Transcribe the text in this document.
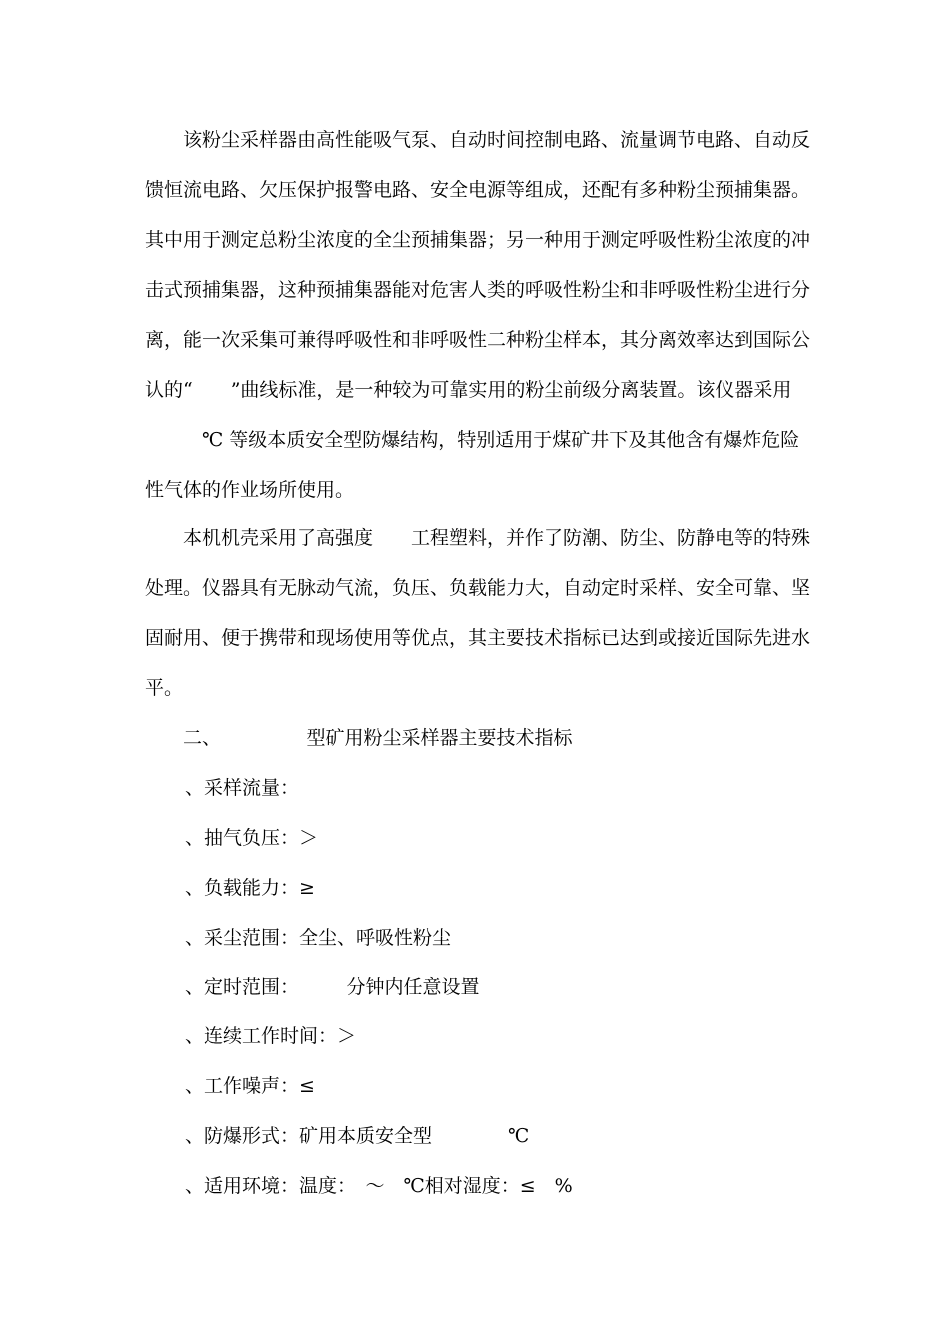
该粉尘采样器由高性能吸气泵、自动时间控制电路、流量调节电路、自动反
馈恒流电路、欠压保护报警电路、安全电源等组成，还配有多种粉尘预捕集器。
其中用于测定总粉尘浓度的全尘预捕集器；另一种用于测定呼吸性粉尘浓度的冲
击式预捕集器，这种预捕集器能对危害人类的呼吸性粉尘和非呼吸性粉尘进行分
离，能一次采集可兼得呼吸性和非呼吸性二种粉尘样本，其分离效率达到国际公
认的“　　”曲线标准，是一种较为可靠实用的粉尘前级分离装置。该仪器采用
　　　℃ 等级本质安全型防爆结构，特别适用于煤矿井下及其他含有爆炸危险
性气体的作业场所使用。
本机机壳采用了高强度　　工程塑料，并作了防潮、防尘、防静电等的特殊
处理。仪器具有无脉动气流，负压、负载能力大，自动定时采样、安全可靠、坚
固耐用、便于携带和现场使用等优点，其主要技术指标已达到或接近国际先进水
平。
二、　　　　　型矿用粉尘采样器主要技术指标
、采样流量：
、抽气负压：＞
、负载能力：≥
、采尘范围：全尘、呼吸性粉尘
、定时范围：　　　分钟内任意设置
、连续工作时间：＞
、工作噪声：≤
、防爆形式：矿用本质安全型　　　　℃
、适用环境：温度：　～　℃相对湿度：≤　%
